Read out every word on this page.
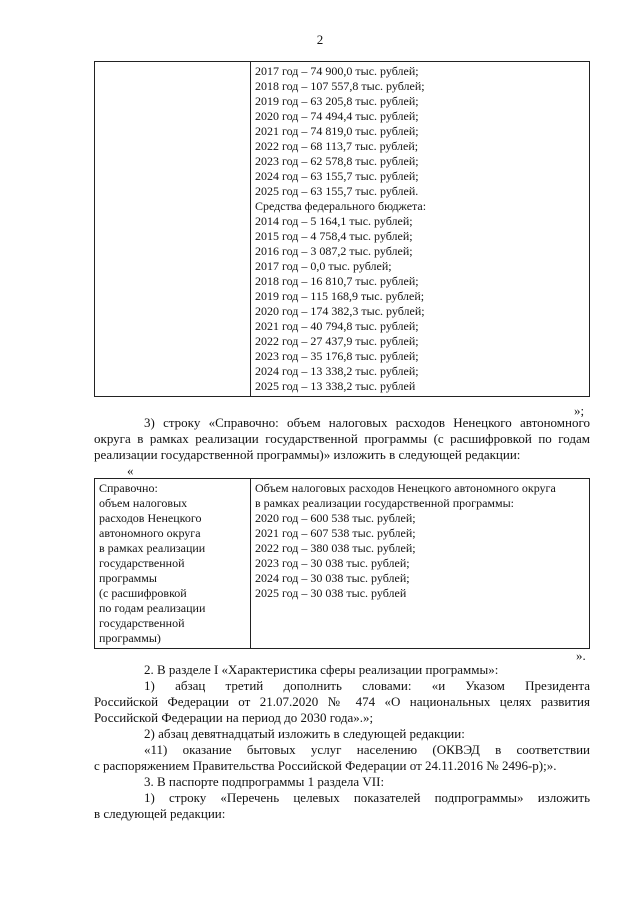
2

2017 год – 74 900,0 тыс. рублей;
2018 год – 107 557,8 тыс. рублей;
2019 год – 63 205,8 тыс. рублей;
2020 год – 74 494,4 тыс. рублей;
2021 год – 74 819,0 тыс. рублей;
2022 год – 68 113,7 тыс. рублей;
2023 год – 62 578,8 тыс. рублей;
2024 год – 63 155,7 тыс. рублей;
2025 год – 63 155,7 тыс. рублей.
Средства федерального бюджета:
2014 год – 5 164,1 тыс. рублей;
2015 год – 4 758,4 тыс. рублей;
2016 год – 3 087,2 тыс. рублей;
2017 год – 0,0 тыс. рублей;
2018 год – 16 810,7 тыс. рублей;
2019 год – 115 168,9 тыс. рублей;
2020 год – 174 382,3 тыс. рублей;
2021 год – 40 794,8 тыс. рублей;
2022 год – 27 437,9 тыс. рублей;
2023 год – 35 176,8 тыс. рублей;
2024 год – 13 338,2 тыс. рублей;
2025 год – 13 338,2 тыс. рублей
»;
3) строку «Справочно: объем налоговых расходов Ненецкого автономного
округа в рамках реализации государственной программы (с расшифровкой по годам
реализации государственной программы)» изложить в следующей редакции:
«
Справочно:
объем налоговых
расходов Ненецкого
автономного округа
в рамках реализации
государственной
программы
(с расшифровкой
по годам реализации
государственной
программы)

Объем налоговых расходов Ненецкого автономного округа
в рамках реализации государственной программы:
2020 год – 600 538 тыс. рублей;
2021 год – 607 538 тыс. рублей;
2022 год – 380 038 тыс. рублей;
2023 год – 30 038 тыс. рублей;
2024 год – 30 038 тыс. рублей;
2025 год – 30 038 тыс. рублей
».
2. В разделе I «Характеристика сферы реализации программы»:
1) абзац третий дополнить словами: «и Указом Президента
Российской Федерации от 21.07.2020 № 474 «О национальных целях развития
Российской Федерации на период до 2030 года».»;
2) абзац девятнадцатый изложить в следующей редакции:
«11) оказание бытовых услуг населению (ОКВЭД в соответствии
с распоряжением Правительства Российской Федерации от 24.11.2016 № 2496-р);».
3. В паспорте подпрограммы 1 раздела VII:
1) строку «Перечень целевых показателей подпрограммы» изложить
в следующей редакции:
